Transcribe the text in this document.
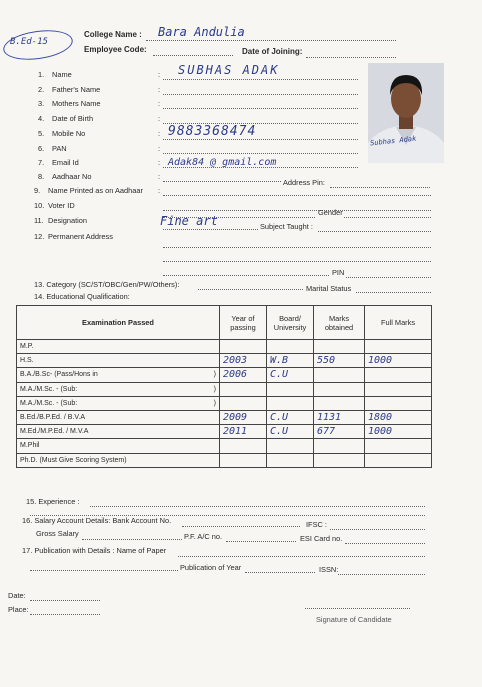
B.Ed-15
College Name : Bara Andulia
Employee Code:	Date of Joining:
1. Name	: SUBHAS ADAK
2. Father's Name	:
3. Mothers Name	:
4. Date of Birth	:
5. Mobile No	: 9883368474
6. PAN	:
7. Email Id	: Adak84 @ gmail.com
8. Aadhaar No	:
Address Pin:
9. Name Printed as on Aadhaar :
10. Voter ID
Gender
11. Designation	Fine art	Subject Taught :
12. Permanent Address
PIN
Subhas Adak
13. Category (SC/ST/OBC/Gen/PW/Others):	Marital Status
14. Educational Qualification:
Examination Passed	Year of passing	Board/ University	Marks obtained	Full Marks
M.P.				
H.S.	2003	W.B	550	1000
B.A./B.Sc- (Pass/Hons in )	2006	C.U		
M.A./M.Sc. - (Sub: )				

M.A./M.Sc. - (Sub: )				

B.Ed./B.P.Ed. / B.V.A	2009	C.U	1131	1800
M.Ed./M.P.Ed. / M.V.A	2011	C.U	677	1000
M.Phil				
Ph.D. (Must Give Scoring System)				
15. Experience :
16. Salary Account Details: Bank Account No.	IFSC :
Gross Salary	P.F. A/C no.	ESI Card no.
17. Publication with Details : Name of Paper
Publication of Year	ISSN:
Date:
Place:
Signature of Candidate
